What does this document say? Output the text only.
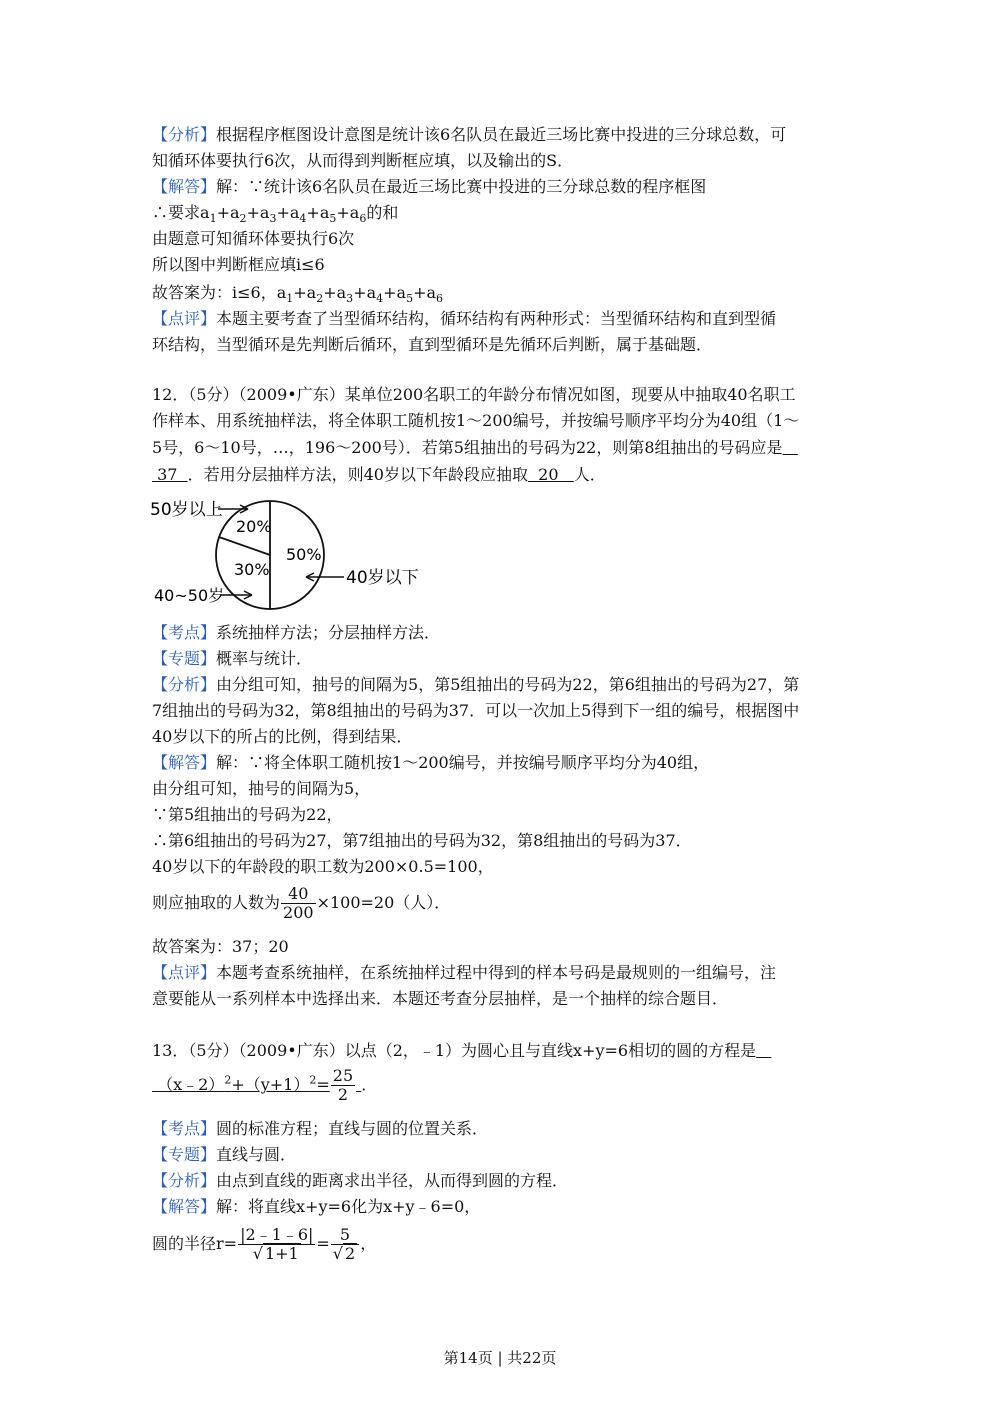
【分析】根据程序框图设计意图是统计该6名队员在最近三场比赛中投进的三分球总数，可
知循环体要执行6次，从而得到判断框应填，以及输出的S．
【解答】解：∵统计该6名队员在最近三场比赛中投进的三分球总数的程序框图
∴要求$a_1+a_2+a_3+a_4+a_5+a_6$的和
由题意可知循环体要执行6次
所以图中判断框应填i≤6
故答案为：i≤6，$a_1+a_2+a_3+a_4+a_5+a_6$
【点评】本题主要考查了当型循环结构，循环结构有两种形式：当型循环结构和直到型循
环结构，当型循环是先判断后循环，直到型循环是先循环后判断，属于基础题．
12．（5分）（2009•广东）某单位200名职工的年龄分布情况如图，现要从中抽取40名职工
作样本、用系统抽样法，将全体职工随机按1～200编号，并按编号顺序平均分为40组（1～
5号，6～10号，…，196～200号）．若第5组抽出的号码为22，则第8组抽出的号码应是
37 ．若用分层抽样方法，则40岁以下年龄段应抽取 20 人．
50岁以上
20%
30%
50%
40岁以下
40~50岁
【考点】系统抽样方法；分层抽样方法．
【专题】概率与统计．
【分析】由分组可知，抽号的间隔为5，第5组抽出的号码为22，第6组抽出的号码为27，第
7组抽出的号码为32，第8组抽出的号码为37．可以一次加上5得到下一组的编号，根据图中
40岁以下的所占的比例，得到结果．
【解答】解：∵将全体职工随机按1～200编号，并按编号顺序平均分为40组，
由分组可知，抽号的间隔为5，
∵第5组抽出的号码为22，
∴第6组抽出的号码为27，第7组抽出的号码为32，第8组抽出的号码为37．
40岁以下的年龄段的职工数为200×0.5=100，
则应抽取的人数为 $\frac{40}{200} \times 100=20$（人）．
故答案为：37；20
【点评】本题考查系统抽样，在系统抽样过程中得到的样本号码是最规则的一组编号，注
意要能从一系列样本中选择出来．本题还考查分层抽样，是一个抽样的综合题目．
13．（5分）（2009•广东）以点（2，﹣1）为圆心且与直线x+y=6相切的圆的方程是
$(x﹣2)^2+(y+1)^2= \frac{25}{2}$ ．
【考点】圆的标准方程；直线与圆的位置关系．
【专题】直线与圆．
【分析】由点到直线的距离求出半径，从而得到圆的方程．
【解答】解：将直线x+y=6化为x+y﹣6=0，
圆的半径$r= \frac{|2﹣1﹣6|}{√ 1+1} = \frac{5}{√ 2}$ ，
第14页 | 共22页
